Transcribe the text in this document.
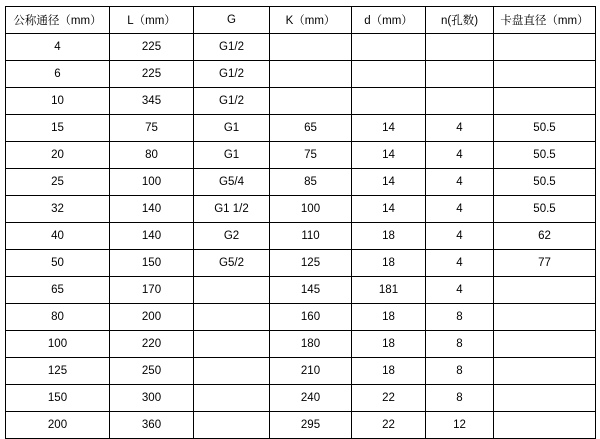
公称通径（mm）	L（mm）	G	K（mm）	d（mm）	n(孔数)	卡盘直径（mm）
4	225	G1/2				
6	225	G1/2				
10	345	G1/2				
15	75	G1	65	14	4	50.5
20	80	G1	75	14	4	50.5
25	100	G5/4	85	14	4	50.5
32	140	G1 1/2	100	14	4	50.5
40	140	G2	110	18	4	62
50	150	G5/2	125	18	4	77
65	170		145	181	4	
80	200		160	18	8	
100	220		180	18	8	
125	250		210	18	8	
150	300		240	22	8	
200	360		295	22	12	
